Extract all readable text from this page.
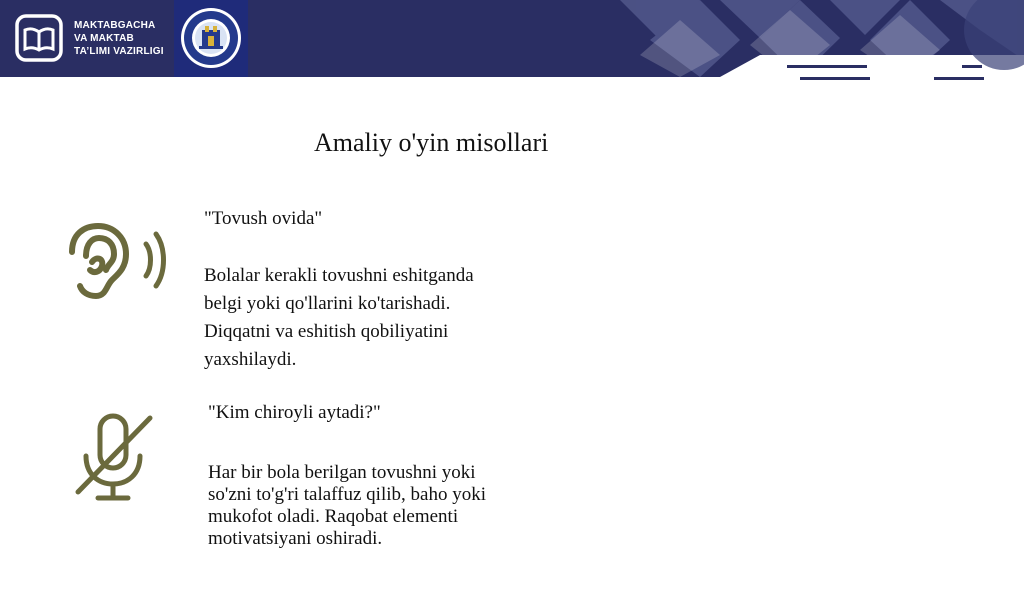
MAKTABGACHA
VA MAKTAB
TA’LIMI VAZIRLIGI
Amaliy o'yin misollari
"Tovush ovida"
Bolalar kerakli tovushni eshitganda
belgi yoki qo'llarini ko'tarishadi.
Diqqatni va eshitish qobiliyatini
yaxshilaydi.
"Kim chiroyli aytadi?"
Har bir bola berilgan tovushni yoki
so'zni to'g'ri talaffuz qilib, baho yoki
mukofot oladi. Raqobat elementi
motivatsiyani oshiradi.
